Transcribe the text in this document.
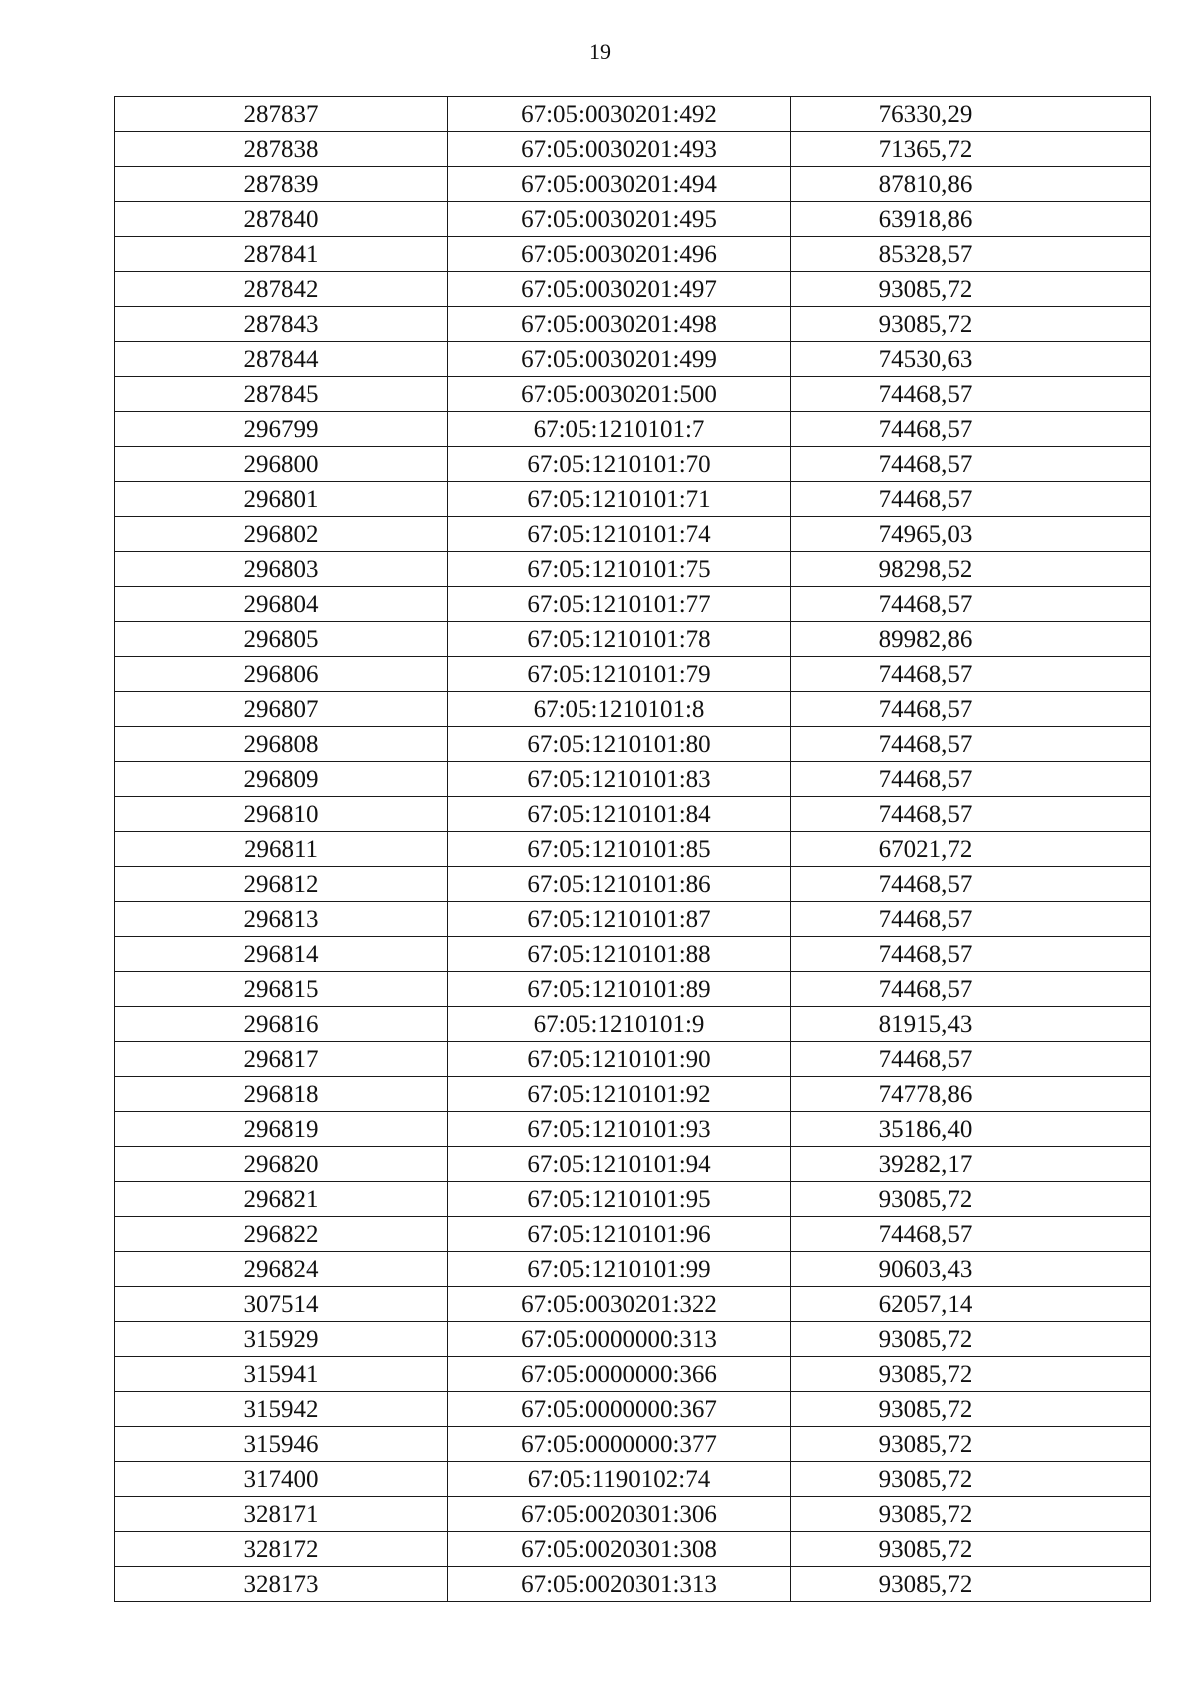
19
287837	67:05:0030201:492	76330,29
287838	67:05:0030201:493	71365,72
287839	67:05:0030201:494	87810,86
287840	67:05:0030201:495	63918,86
287841	67:05:0030201:496	85328,57
287842	67:05:0030201:497	93085,72
287843	67:05:0030201:498	93085,72
287844	67:05:0030201:499	74530,63
287845	67:05:0030201:500	74468,57
296799	67:05:1210101:7	74468,57
296800	67:05:1210101:70	74468,57
296801	67:05:1210101:71	74468,57
296802	67:05:1210101:74	74965,03
296803	67:05:1210101:75	98298,52
296804	67:05:1210101:77	74468,57
296805	67:05:1210101:78	89982,86
296806	67:05:1210101:79	74468,57
296807	67:05:1210101:8	74468,57
296808	67:05:1210101:80	74468,57
296809	67:05:1210101:83	74468,57
296810	67:05:1210101:84	74468,57
296811	67:05:1210101:85	67021,72
296812	67:05:1210101:86	74468,57
296813	67:05:1210101:87	74468,57
296814	67:05:1210101:88	74468,57
296815	67:05:1210101:89	74468,57
296816	67:05:1210101:9	81915,43
296817	67:05:1210101:90	74468,57
296818	67:05:1210101:92	74778,86
296819	67:05:1210101:93	35186,40
296820	67:05:1210101:94	39282,17
296821	67:05:1210101:95	93085,72
296822	67:05:1210101:96	74468,57
296824	67:05:1210101:99	90603,43
307514	67:05:0030201:322	62057,14
315929	67:05:0000000:313	93085,72
315941	67:05:0000000:366	93085,72
315942	67:05:0000000:367	93085,72
315946	67:05:0000000:377	93085,72
317400	67:05:1190102:74	93085,72
328171	67:05:0020301:306	93085,72
328172	67:05:0020301:308	93085,72
328173	67:05:0020301:313	93085,72
